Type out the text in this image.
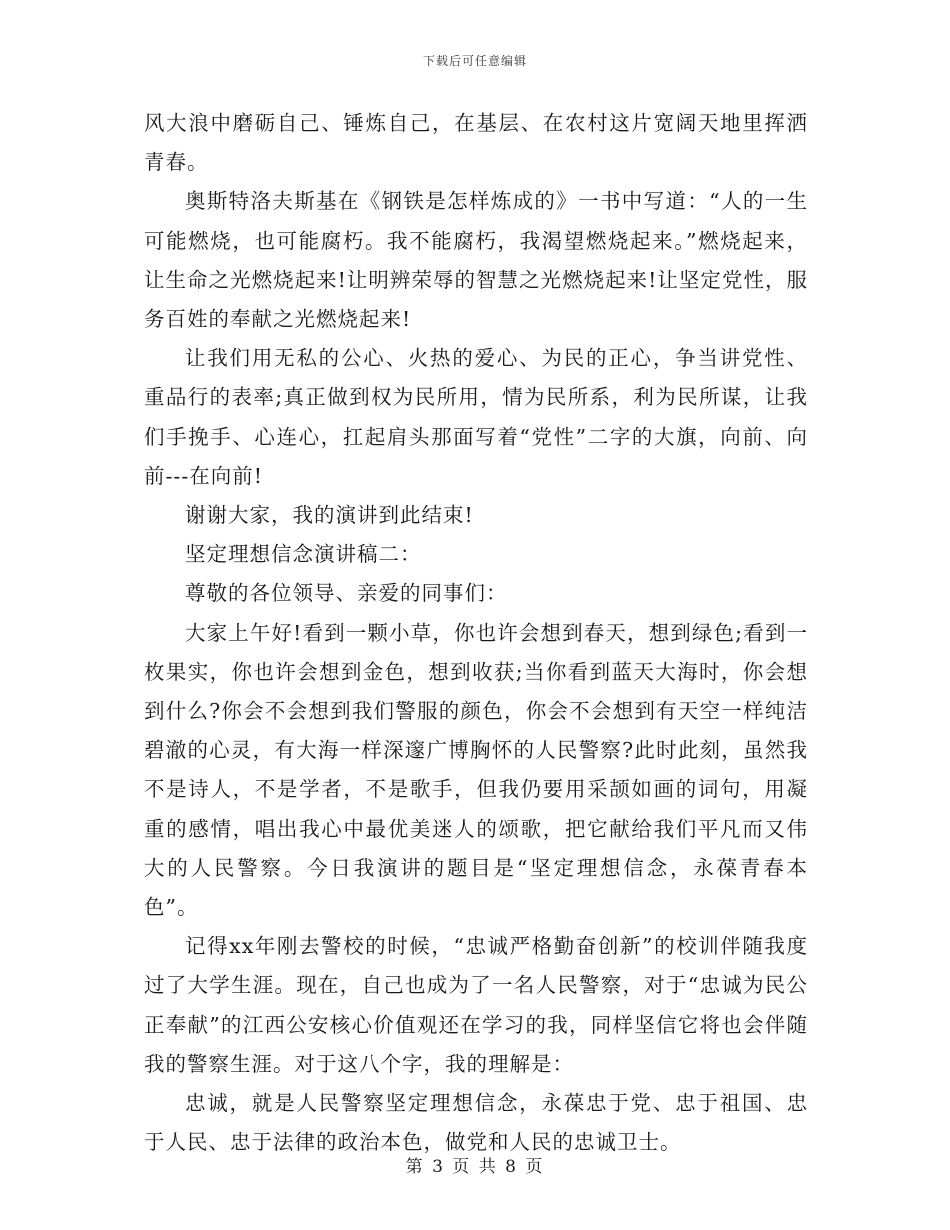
下载后可任意编辑

风大浪中磨砺自己、锤炼自己，在基层、在农村这片宽阔天地里挥洒青春。

奥斯特洛夫斯基在《钢铁是怎样炼成的》一书中写道：“人的一生可能燃烧，也可能腐朽。我不能腐朽，我渴望燃烧起来。”燃烧起来，让生命之光燃烧起来!让明辨荣辱的智慧之光燃烧起来!让坚定党性，服务百姓的奉献之光燃烧起来!

让我们用无私的公心、火热的爱心、为民的正心，争当讲党性、重品行的表率;真正做到权为民所用，情为民所系，利为民所谋，让我们手挽手、心连心，扛起肩头那面写着“党性”二字的大旗，向前、向前---在向前!

谢谢大家，我的演讲到此结束!

坚定理想信念演讲稿二：

尊敬的各位领导、亲爱的同事们：

大家上午好!看到一颗小草，你也许会想到春天，想到绿色;看到一枚果实，你也许会想到金色，想到收获;当你看到蓝天大海时，你会想到什么?你会不会想到我们警服的颜色，你会不会想到有天空一样纯洁碧澈的心灵，有大海一样深邃广博胸怀的人民警察?此时此刻，虽然我不是诗人，不是学者，不是歌手，但我仍要用采颉如画的词句，用凝重的感情，唱出我心中最优美迷人的颂歌，把它献给我们平凡而又伟大的人民警察。今日我演讲的题目是“坚定理想信念，永葆青春本色”。

记得xx年刚去警校的时候，“忠诚严格勤奋创新”的校训伴随我度过了大学生涯。现在，自己也成为了一名人民警察，对于“忠诚为民公正奉献”的江西公安核心价值观还在学习的我，同样坚信它将也会伴随我的警察生涯。对于这八个字，我的理解是：

忠诚，就是人民警察坚定理想信念，永葆忠于党、忠于祖国、忠于人民、忠于法律的政治本色，做党和人民的忠诚卫士。

第 3 页 共 8 页
